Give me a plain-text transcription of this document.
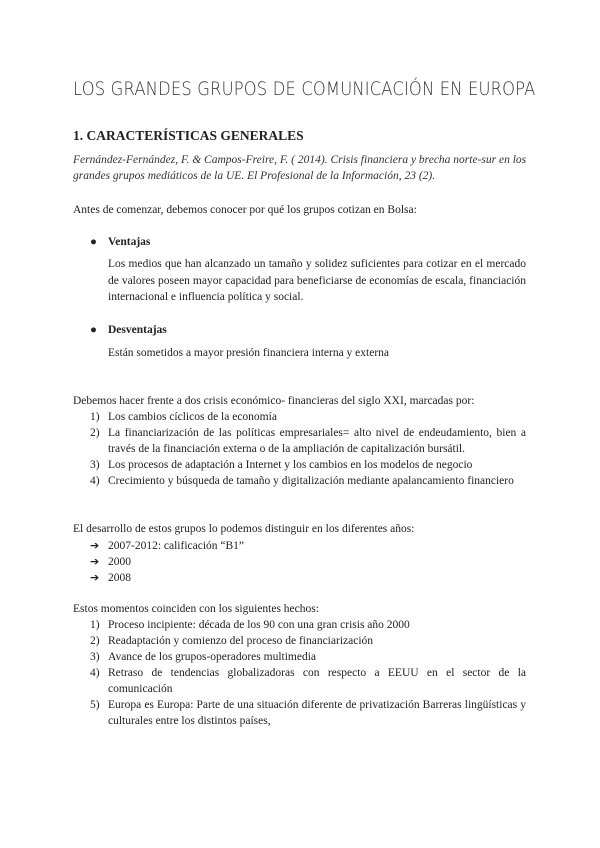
LOS GRANDES GRUPOS DE COMUNICACIÓN EN EUROPA
1. CARACTERÍSTICAS GENERALES

Fernández-Fernández, F. & Campos-Freire, F. ( 2014). Crisis financiera y brecha norte-sur en los grandes grupos mediáticos de la UE. El Profesional de la Información, 23 (2).

Antes de comenzar, debemos conocer por qué los grupos cotizan en Bolsa:

● Ventajas

Los medios que han alcanzado un tamaño y solidez suficientes para cotizar en el mercado de valores poseen mayor capacidad para beneficiarse de economías de escala, financiación internacional e influencia política y social.

● Desventajas

Están sometidos a mayor presión financiera interna y externa

Debemos hacer frente a dos crisis económico- financieras del siglo XXI, marcadas por:

1) Los cambios cíclicos de la economía
2) La financiarización de las políticas empresariales= alto nivel de endeudamiento, bien a través de la financiación externa o de la ampliación de capitalización bursátil.
3) Los procesos de adaptación a Internet y los cambios en los modelos de negocio
4) Crecimiento y búsqueda de tamaño y digitalización mediante apalancamiento financiero

El desarrollo de estos grupos lo podemos distinguir en los diferentes años:

➔ 2007-2012: calificación “B1”
➔ 2000
➔ 2008

Estos momentos coinciden con los siguientes hechos:

1) Proceso incipiente: década de los 90 con una gran crisis año 2000
2) Readaptación y comienzo del proceso de financiarización
3) Avance de los grupos-operadores multimedia
4) Retraso de tendencias globalizadoras con respecto a EEUU en el sector de la comunicación
5) Europa es Europa: Parte de una situación diferente de privatización Barreras lingüísticas y culturales entre los distintos países,
